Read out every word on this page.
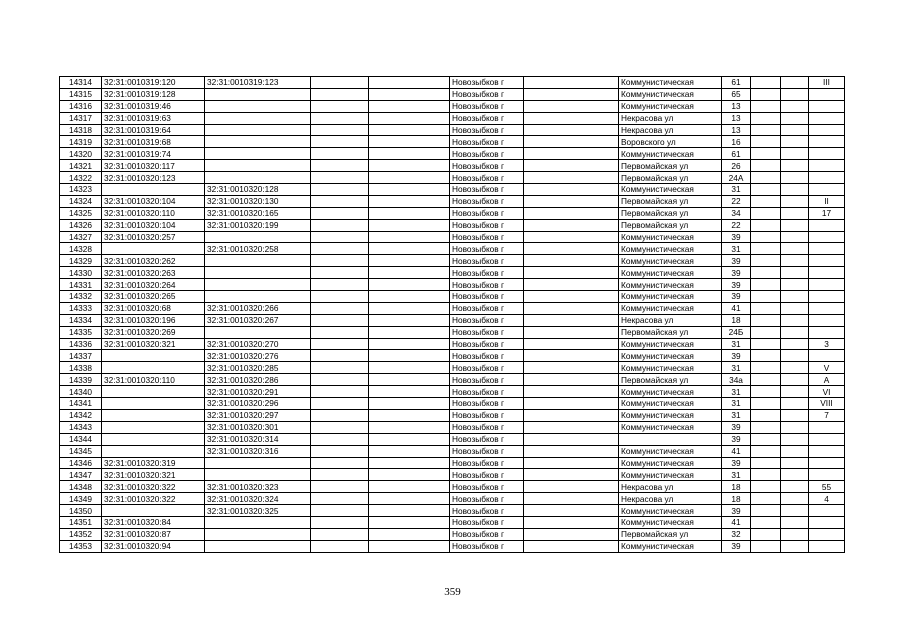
14314	32:31:0010319:120	32:31:0010319:123			Новозыбков г		Коммунистическая	61			III
14315	32:31:0010319:128				Новозыбков г		Коммунистическая	65			
14316	32:31:0010319:46				Новозыбков г		Коммунистическая	13			
14317	32:31:0010319:63				Новозыбков г		Некрасова ул	13			
14318	32:31:0010319:64				Новозыбков г		Некрасова ул	13			
14319	32:31:0010319:68				Новозыбков г		Воровского ул	16			
14320	32:31:0010319:74				Новозыбков г		Коммунистическая	61			
14321	32:31:0010320:117				Новозыбков г		Первомайская ул	26			
14322	32:31:0010320:123				Новозыбков г		Первомайская ул	24А			
14323		32:31:0010320:128			Новозыбков г		Коммунистическая	31			
14324	32:31:0010320:104	32:31:0010320:130			Новозыбков г		Первомайская ул	22			II
14325	32:31:0010320:110	32:31:0010320:165			Новозыбков г		Первомайская ул	34			17
14326	32:31:0010320:104	32:31:0010320:199			Новозыбков г		Первомайская ул	22			
14327	32:31:0010320:257				Новозыбков г		Коммунистическая	39			
14328		32:31:0010320:258			Новозыбков г		Коммунистическая	31			
14329	32:31:0010320:262				Новозыбков г		Коммунистическая	39			
14330	32:31:0010320:263				Новозыбков г		Коммунистическая	39			
14331	32:31:0010320:264				Новозыбков г		Коммунистическая	39			
14332	32:31:0010320:265				Новозыбков г		Коммунистическая	39			
14333	32:31:0010320:68	32:31:0010320:266			Новозыбков г		Коммунистическая	41			
14334	32:31:0010320:196	32:31:0010320:267			Новозыбков г		Некрасова ул	18			
14335	32:31:0010320:269				Новозыбков г		Первомайская ул	24Б			
14336	32:31:0010320:321	32:31:0010320:270			Новозыбков г		Коммунистическая	31			3
14337		32:31:0010320:276			Новозыбков г		Коммунистическая	39			
14338		32:31:0010320:285			Новозыбков г		Коммунистическая	31			V
14339	32:31:0010320:110	32:31:0010320:286			Новозыбков г		Первомайская ул	34а			А
14340		32:31:0010320:291			Новозыбков г		Коммунистическая	31			VI
14341		32:31:0010320:296			Новозыбков г		Коммунистическая	31			VIII
14342		32:31:0010320:297			Новозыбков г		Коммунистическая	31			7
14343		32:31:0010320:301			Новозыбков г		Коммунистическая	39			
14344		32:31:0010320:314			Новозыбков г			39			
14345		32:31:0010320:316			Новозыбков г		Коммунистическая	41			
14346	32:31:0010320:319				Новозыбков г		Коммунистическая	39			
14347	32:31:0010320:321				Новозыбков г		Коммунистическая	31			
14348	32:31:0010320:322	32:31:0010320:323			Новозыбков г		Некрасова ул	18			55
14349	32:31:0010320:322	32:31:0010320:324			Новозыбков г		Некрасова ул	18			4
14350		32:31:0010320:325			Новозыбков г		Коммунистическая	39			
14351	32:31:0010320:84				Новозыбков г		Коммунистическая	41			
14352	32:31:0010320:87				Новозыбков г		Первомайская ул	32			
14353	32:31:0010320:94				Новозыбков г		Коммунистическая	39			
359
